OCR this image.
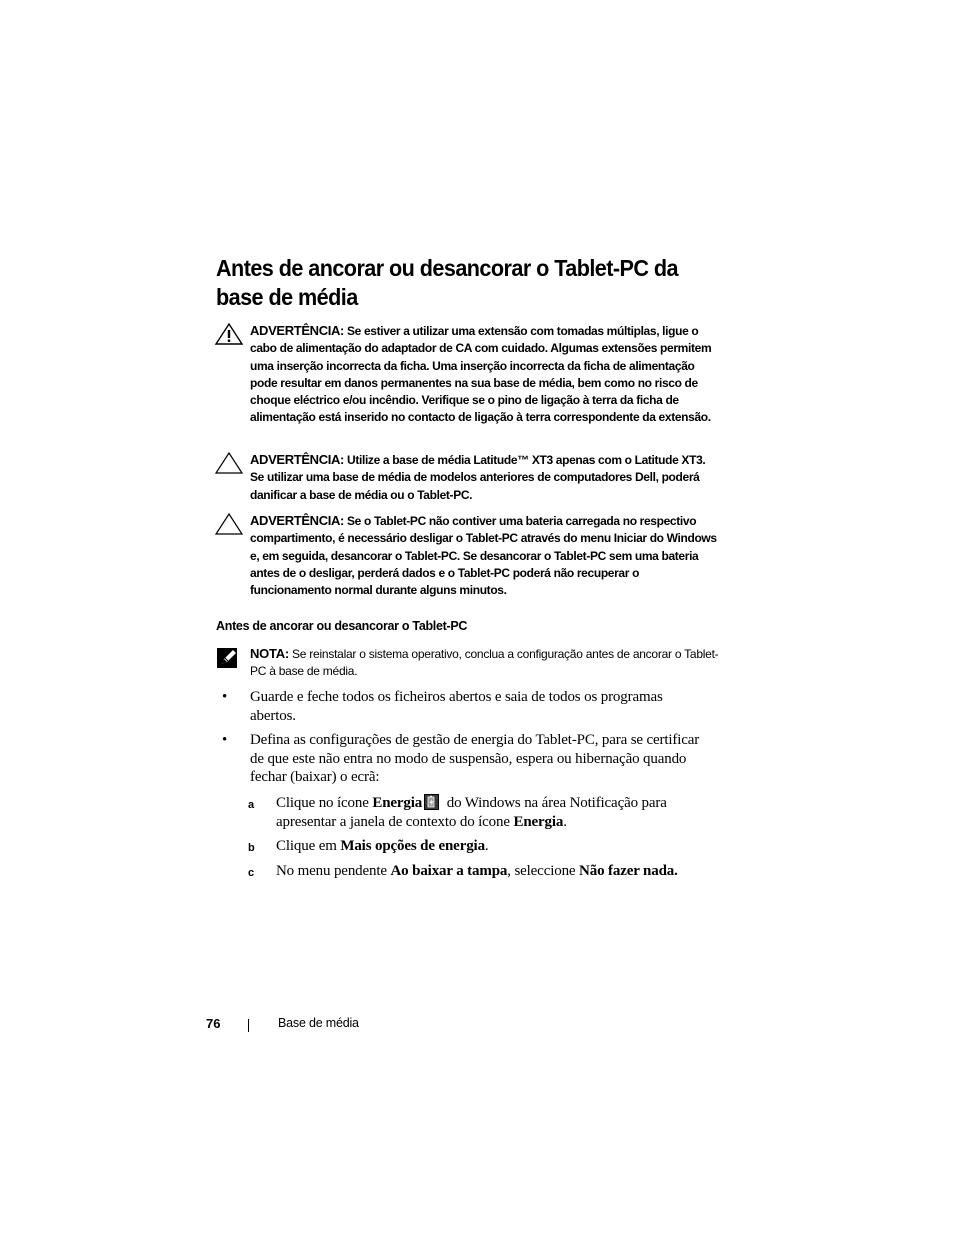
Antes de ancorar ou desancorar o Tablet-PC da base de média
ADVERTÊNCIA: Se estiver a utilizar uma extensão com tomadas múltiplas, ligue o cabo de alimentação do adaptador de CA com cuidado. Algumas extensões permitem uma inserção incorrecta da ficha. Uma inserção incorrecta da ficha de alimentação pode resultar em danos permanentes na sua base de média, bem como no risco de choque eléctrico e/ou incêndio. Verifique se o pino de ligação à terra da ficha de alimentação está inserido no contacto de ligação à terra correspondente da extensão.
ADVERTÊNCIA: Utilize a base de média Latitude™ XT3 apenas com o Latitude XT3. Se utilizar uma base de média de modelos anteriores de computadores Dell, poderá danificar a base de média ou o Tablet-PC.
ADVERTÊNCIA: Se o Tablet-PC não contiver uma bateria carregada no respectivo compartimento, é necessário desligar o Tablet-PC através do menu Iniciar do Windows e, em seguida, desancorar o Tablet-PC. Se desancorar o Tablet-PC sem uma bateria antes de o desligar, perderá dados e o Tablet-PC poderá não recuperar o funcionamento normal durante alguns minutos.
Antes de ancorar ou desancorar o Tablet-PC
NOTA: Se reinstalar o sistema operativo, conclua a configuração antes de ancorar o Tablet-PC à base de média.
• Guarde e feche todos os ficheiros abertos e saia de todos os programas abertos.
• Defina as configurações de gestão de energia do Tablet-PC, para se certificar de que este não entra no modo de suspensão, espera ou hibernação quando fechar (baixar) o ecrã:
a Clique no ícone Energia do Windows na área Notificação para apresentar a janela de contexto do ícone Energia.
b Clique em Mais opções de energia.
c No menu pendente Ao baixar a tampa, seleccione Não fazer nada.
76	Base de média
